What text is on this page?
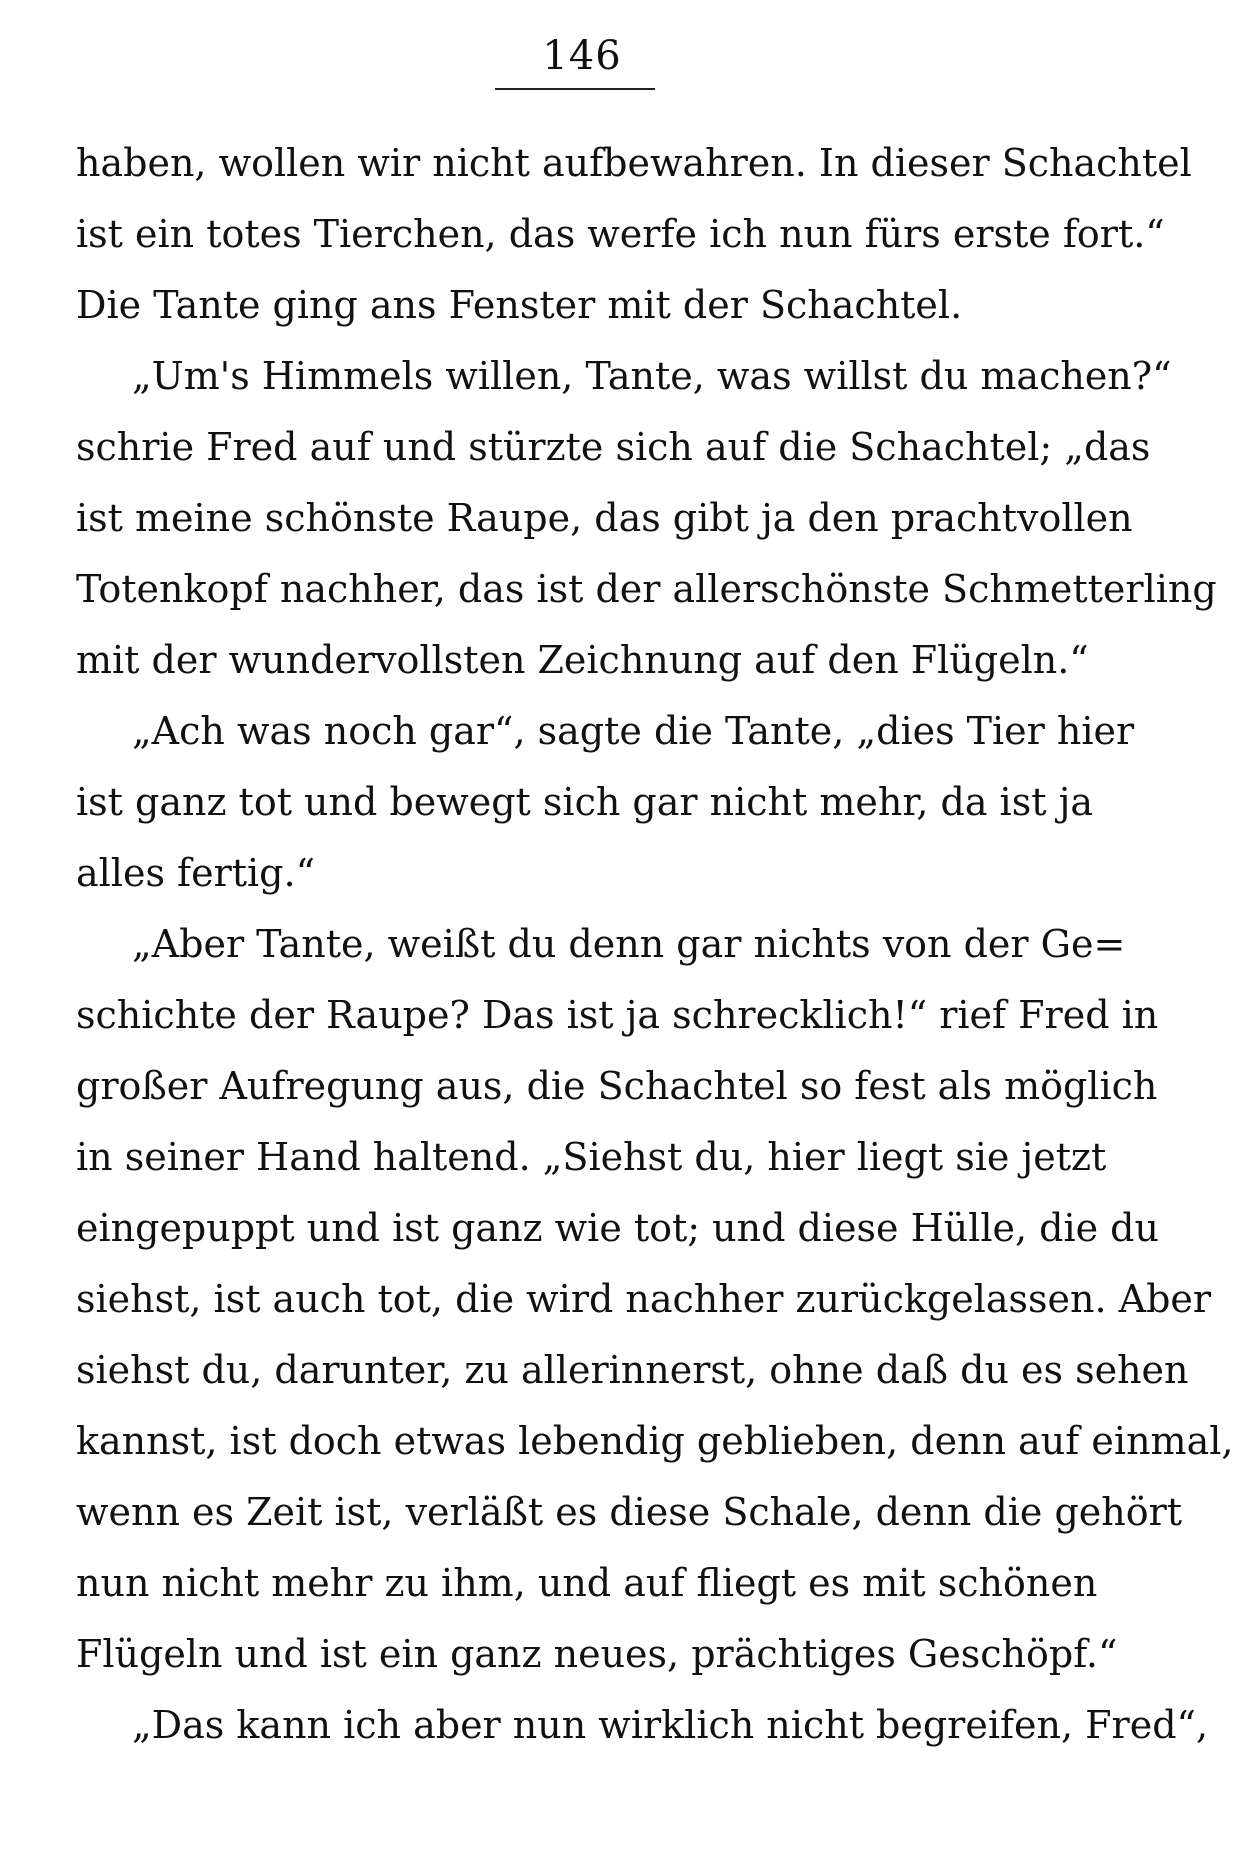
146
haben, wollen wir nicht aufbewahren. In dieser Schachtel
ist ein totes Tierchen, das werfe ich nun fürs erste fort.“
Die Tante ging ans Fenster mit der Schachtel.
„Um's Himmels willen, Tante, was willst du machen?“
schrie Fred auf und stürzte sich auf die Schachtel; „das
ist meine schönste Raupe, das gibt ja den prachtvollen
Totenkopf nachher, das ist der allerschönste Schmetterling
mit der wundervollsten Zeichnung auf den Flügeln.“
„Ach was noch gar“, sagte die Tante, „dies Tier hier
ist ganz tot und bewegt sich gar nicht mehr, da ist ja
alles fertig.“
„Aber Tante, weißt du denn gar nichts von der Ge=
schichte der Raupe? Das ist ja schrecklich!“ rief Fred in
großer Aufregung aus, die Schachtel so fest als möglich
in seiner Hand haltend. „Siehst du, hier liegt sie jetzt
eingepuppt und ist ganz wie tot; und diese Hülle, die du
siehst, ist auch tot, die wird nachher zurückgelassen. Aber
siehst du, darunter, zu allerinnerst, ohne daß du es sehen
kannst, ist doch etwas lebendig geblieben, denn auf einmal,
wenn es Zeit ist, verläßt es diese Schale, denn die gehört
nun nicht mehr zu ihm, und auf fliegt es mit schönen
Flügeln und ist ein ganz neues, prächtiges Geschöpf.“
„Das kann ich aber nun wirklich nicht begreifen, Fred“,
